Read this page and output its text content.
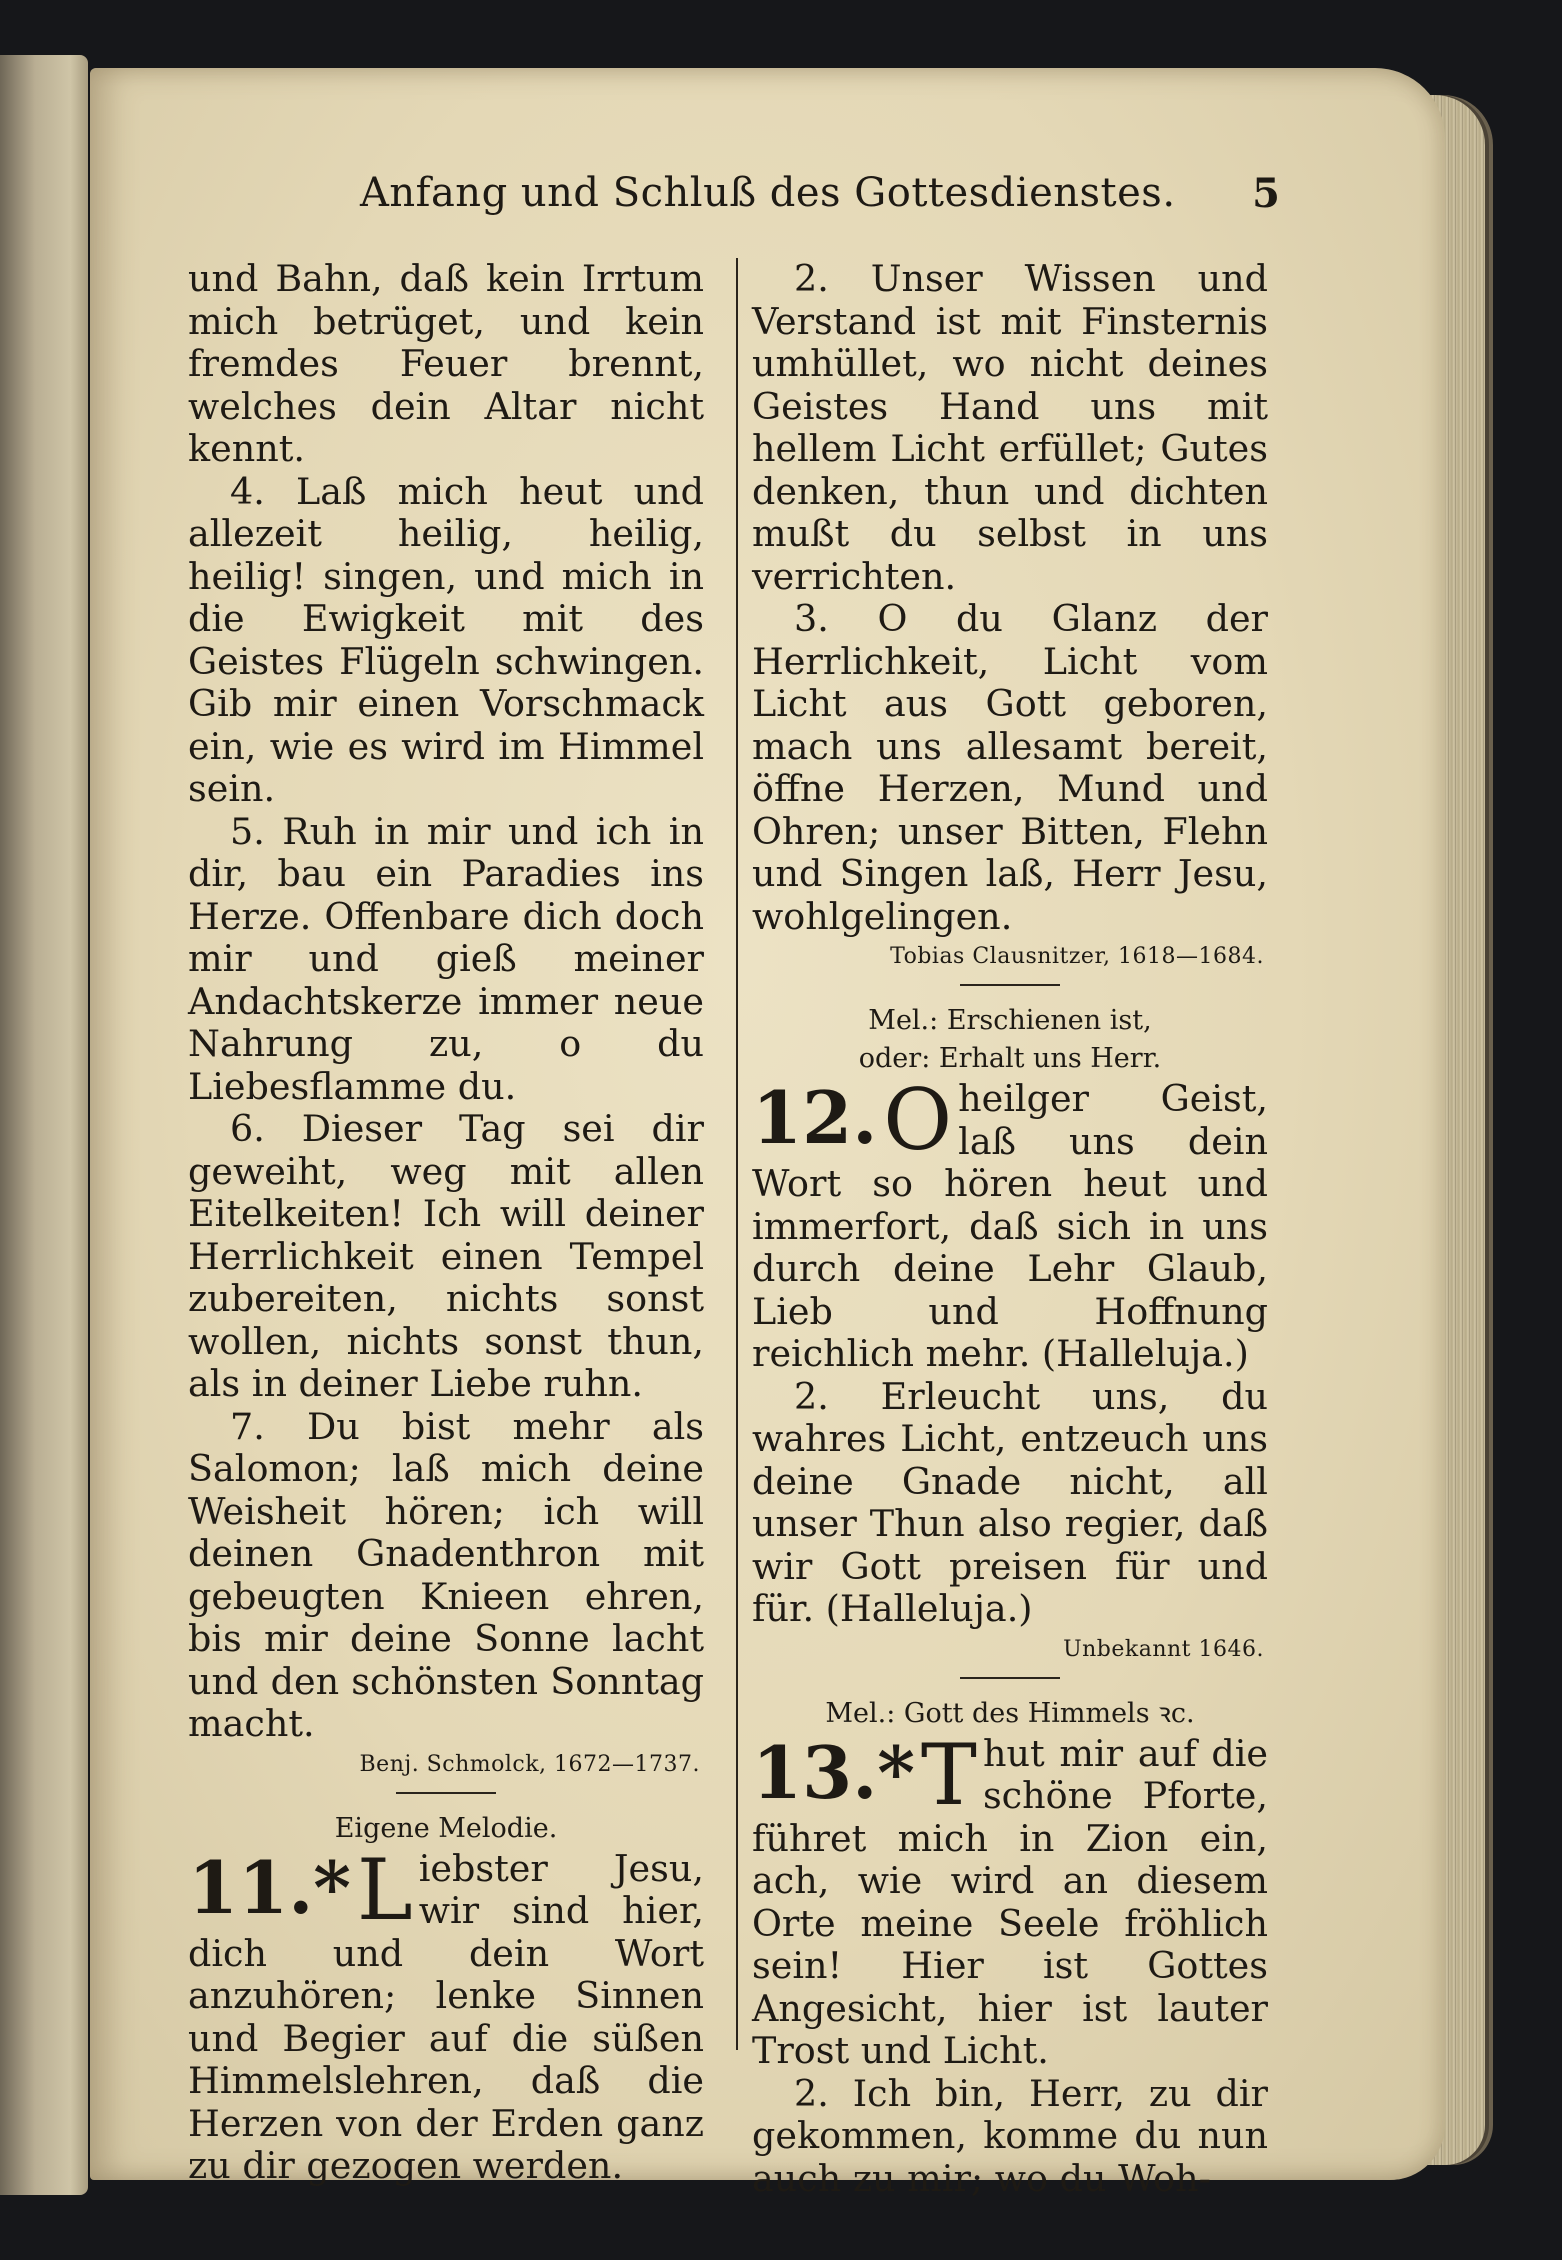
Anfang und Schluß des Gottesdienstes. 5

und Bahn, daß kein Irrtum mich betrüget, und kein fremdes Feuer brennt, welches dein Altar nicht kennt.

4. Laß mich heut und allezeit heilig, heilig, heilig! singen, und mich in die Ewigkeit mit des Geistes Flügeln schwingen. Gib mir einen Vorschmack ein, wie es wird im Himmel sein.

5. Ruh in mir und ich in dir, bau ein Paradies ins Herze. Offenbare dich doch mir und gieß meiner Andachtskerze immer neue Nahrung zu, o du Liebesflamme du.

6. Dieser Tag sei dir geweiht, weg mit allen Eitelkeiten! Ich will deiner Herrlichkeit einen Tempel zubereiten, nichts sonst wollen, nichts sonst thun, als in deiner Liebe ruhn.

7. Du bist mehr als Salomon; laß mich deine Weisheit hören; ich will deinen Gnadenthron mit gebeugten Knieen ehren, bis mir deine Sonne lacht und den schönsten Sonntag macht.

Benj. Schmolck, 1672—1737.

Eigene Melodie.

11.* L iebster Jesu, wir sind hier, dich und dein Wort anzuhören; lenke Sinnen und Begier auf die süßen Himmelslehren, daß die Herzen von der Erden ganz zu dir gezogen werden.

2. Unser Wissen und Verstand ist mit Finsternis umhüllet, wo nicht deines Geistes Hand uns mit hellem Licht erfüllet; Gutes denken, thun und dichten mußt du selbst in uns verrichten.

3. O du Glanz der Herrlichkeit, Licht vom Licht aus Gott geboren, mach uns allesamt bereit, öffne Herzen, Mund und Ohren; unser Bitten, Flehn und Singen laß, Herr Jesu, wohlgelingen.

Tobias Clausnitzer, 1618—1684.

Mel.: Erschienen ist,

oder: Erhalt uns Herr.

12. O heilger Geist, laß uns dein Wort so hören heut und immerfort, daß sich in uns durch deine Lehr Glaub, Lieb und Hoffnung reichlich mehr. (Halleluja.)

2. Erleucht uns, du wahres Licht, entzeuch uns deine Gnade nicht, all unser Thun also regier, daß wir Gott preisen für und für. (Halleluja.)

Unbekannt 1646.

Mel.: Gott des Himmels ꝛc.

13.* T hut mir auf die schöne Pforte, führet mich in Zion ein, ach, wie wird an diesem Orte meine Seele fröhlich sein! Hier ist Gottes Angesicht, hier ist lauter Trost und Licht.

2. Ich bin, Herr, zu dir gekommen, komme du nun auch zu mir; wo du Woh-
